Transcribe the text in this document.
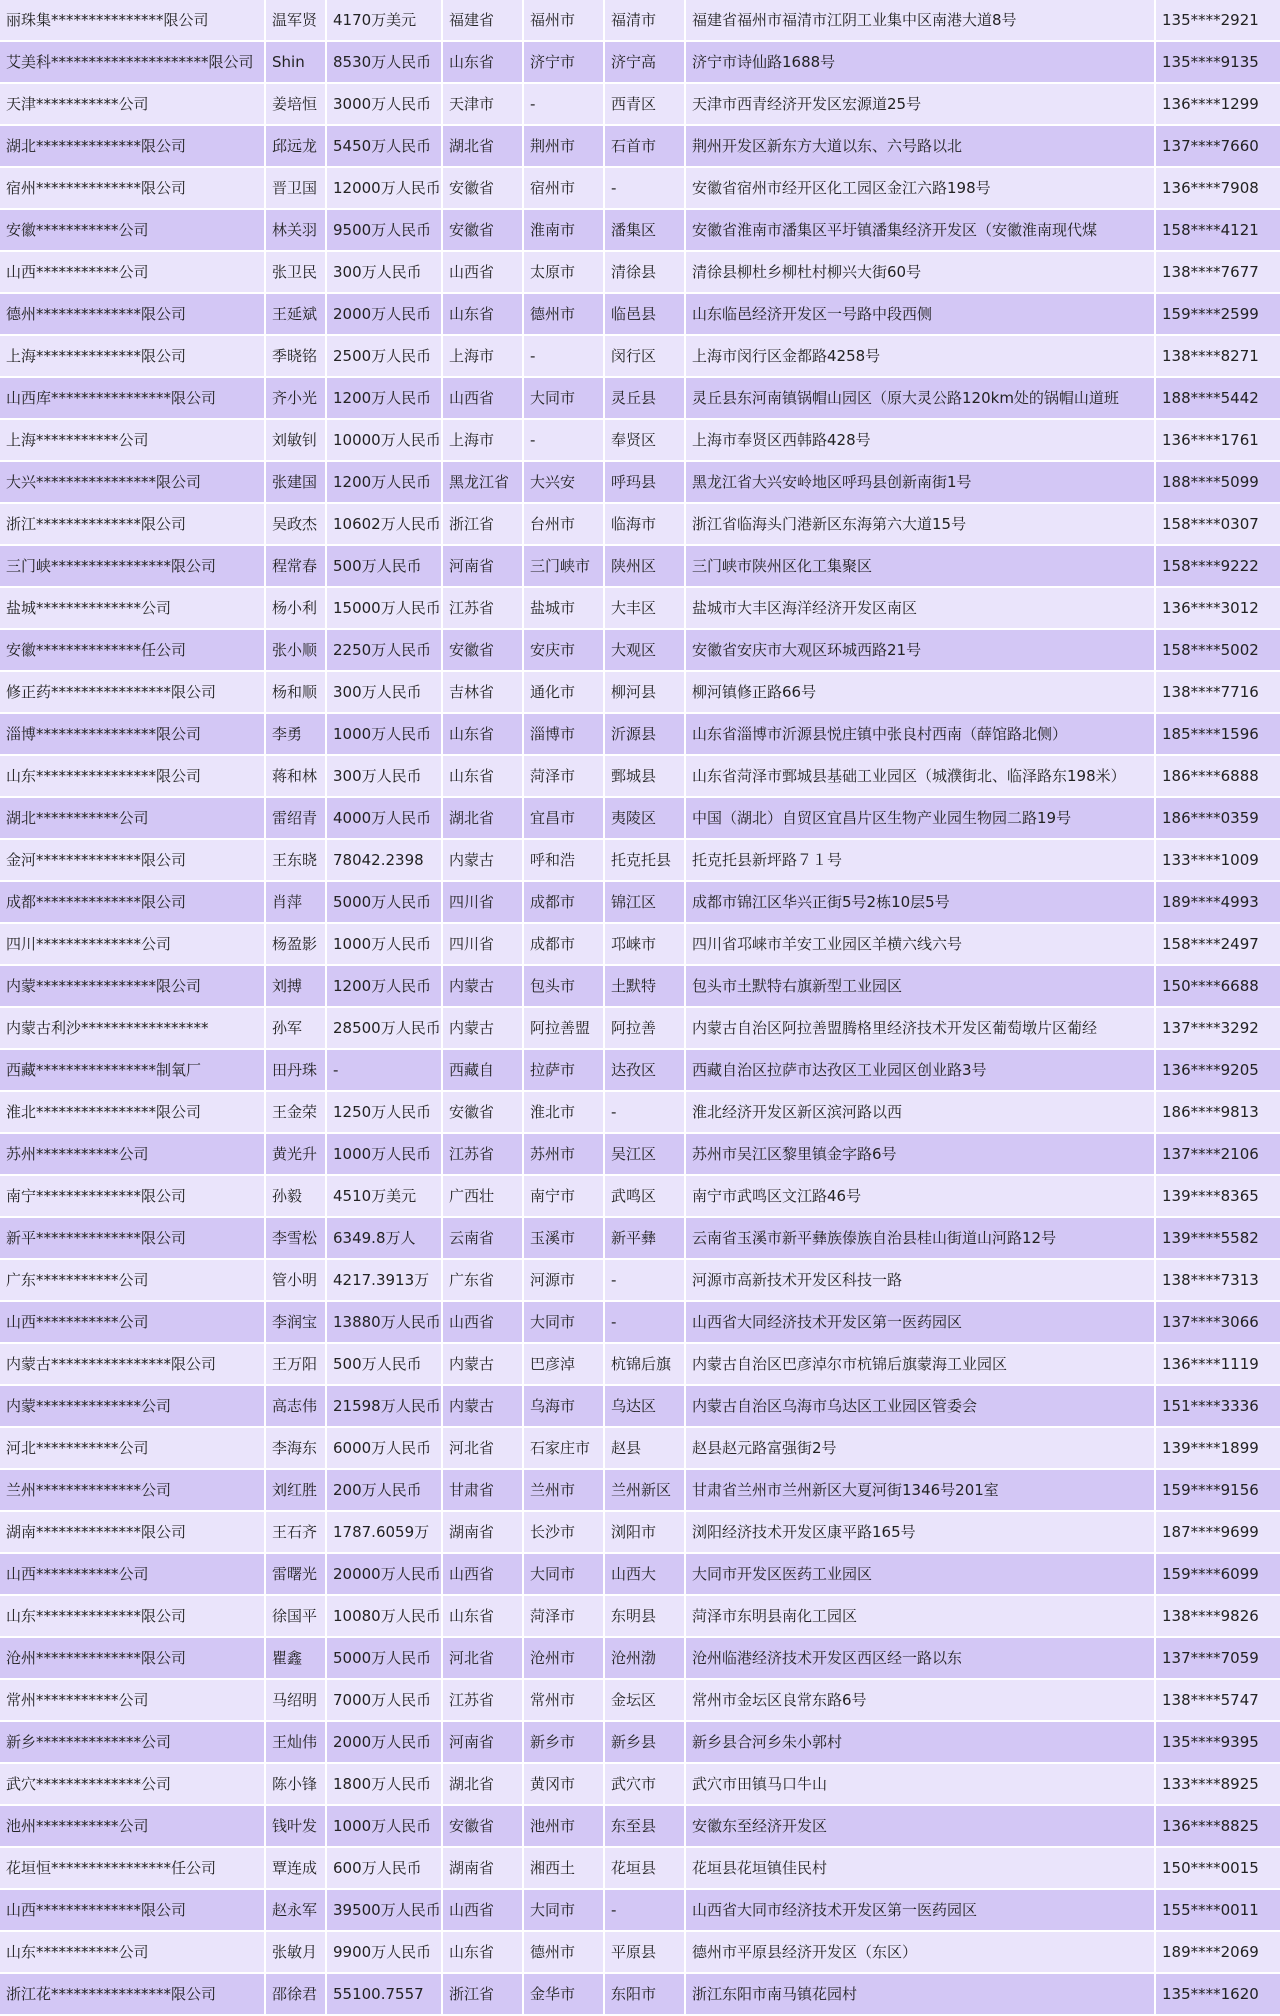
丽珠集***************限公司	温军贤	4170万美元	福建省	福州市	福清市	福建省福州市福清市江阴工业集中区南港大道8号	135****2921
艾美科*********************限公司	Shin	8530万人民币	山东省	济宁市	济宁高	济宁市诗仙路1688号	135****9135
天津***********公司	姜培恒	3000万人民币	天津市	-	西青区	天津市西青经济开发区宏源道25号	136****1299
湖北**************限公司	邱远龙	5450万人民币	湖北省	荆州市	石首市	荆州开发区新东方大道以东、六号路以北	137****7660
宿州**************限公司	晋卫国	12000万人民币	安徽省	宿州市	-	安徽省宿州市经开区化工园区金江六路198号	136****7908
安徽***********公司	林关羽	9500万人民币	安徽省	淮南市	潘集区	安徽省淮南市潘集区平圩镇潘集经济开发区（安徽淮南现代煤	158****4121
山西***********公司	张卫民	300万人民币	山西省	太原市	清徐县	清徐县柳杜乡柳杜村柳兴大街60号	138****7677
德州**************限公司	王延斌	2000万人民币	山东省	德州市	临邑县	山东临邑经济开发区一号路中段西侧	159****2599
上海**************限公司	季晓铭	2500万人民币	上海市	-	闵行区	上海市闵行区金都路4258号	138****8271
山西库****************限公司	齐小光	1200万人民币	山西省	大同市	灵丘县	灵丘县东河南镇锅帽山园区（原大灵公路120km处的锅帽山道班	188****5442
上海***********公司	刘敏钊	10000万人民币	上海市	-	奉贤区	上海市奉贤区西韩路428号	136****1761
大兴****************限公司	张建国	1200万人民币	黑龙江省	大兴安	呼玛县	黑龙江省大兴安岭地区呼玛县创新南街1号	188****5099
浙江**************限公司	吴政杰	10602万人民币	浙江省	台州市	临海市	浙江省临海头门港新区东海第六大道15号	158****0307
三门峡****************限公司	程常春	500万人民币	河南省	三门峡市	陕州区	三门峡市陕州区化工集聚区	158****9222
盐城**************公司	杨小利	15000万人民币	江苏省	盐城市	大丰区	盐城市大丰区海洋经济开发区南区	136****3012
安徽**************任公司	张小顺	2250万人民币	安徽省	安庆市	大观区	安徽省安庆市大观区环城西路21号	158****5002
修正药****************限公司	杨和顺	300万人民币	吉林省	通化市	柳河县	柳河镇修正路66号	138****7716
淄博****************限公司	李勇	1000万人民币	山东省	淄博市	沂源县	山东省淄博市沂源县悦庄镇中张良村西南（薛馆路北侧）	185****1596
山东****************限公司	蒋和林	300万人民币	山东省	菏泽市	鄄城县	山东省菏泽市鄄城县基础工业园区（城濮街北、临泽路东198米）	186****6888
湖北***********公司	雷绍青	4000万人民币	湖北省	宜昌市	夷陵区	中国（湖北）自贸区宜昌片区生物产业园生物园二路19号	186****0359
金河**************限公司	王东晓	78042.2398	内蒙古	呼和浩	托克托县	托克托县新坪路７１号	133****1009
成都**************限公司	肖萍	5000万人民币	四川省	成都市	锦江区	成都市锦江区华兴正街5号2栋10层5号	189****4993
四川**************公司	杨盈影	1000万人民币	四川省	成都市	邛崃市	四川省邛崃市羊安工业园区羊横六线六号	158****2497
内蒙****************限公司	刘搏	1200万人民币	内蒙古	包头市	土默特	包头市土默特右旗新型工业园区	150****6688
内蒙古利沙*****************	孙军	28500万人民币	内蒙古	阿拉善盟	阿拉善	内蒙古自治区阿拉善盟腾格里经济技术开发区葡萄墩片区葡经	137****3292
西藏****************制氧厂	田丹珠	-	西藏自	拉萨市	达孜区	西藏自治区拉萨市达孜区工业园区创业路3号	136****9205
淮北****************限公司	王金荣	1250万人民币	安徽省	淮北市	-	淮北经济开发区新区滨河路以西	186****9813
苏州***********公司	黄光升	1000万人民币	江苏省	苏州市	吴江区	苏州市吴江区黎里镇金字路6号	137****2106
南宁**************限公司	孙毅	4510万美元	广西壮	南宁市	武鸣区	南宁市武鸣区文江路46号	139****8365
新平**************限公司	李雪松	6349.8万人	云南省	玉溪市	新平彝	云南省玉溪市新平彝族傣族自治县桂山街道山河路12号	139****5582
广东***********公司	管小明	4217.3913万	广东省	河源市	-	河源市高新技术开发区科技一路	138****7313
山西***********公司	李润宝	13880万人民币	山西省	大同市	-	山西省大同经济技术开发区第一医药园区	137****3066
内蒙古****************限公司	王万阳	500万人民币	内蒙古	巴彦淖	杭锦后旗	内蒙古自治区巴彦淖尔市杭锦后旗蒙海工业园区	136****1119
内蒙**************公司	高志伟	21598万人民币	内蒙古	乌海市	乌达区	内蒙古自治区乌海市乌达区工业园区管委会	151****3336
河北***********公司	李海东	6000万人民币	河北省	石家庄市	赵县	赵县赵元路富强街2号	139****1899
兰州**************公司	刘红胜	200万人民币	甘肃省	兰州市	兰州新区	甘肃省兰州市兰州新区大夏河街1346号201室	159****9156
湖南**************限公司	王石齐	1787.6059万	湖南省	长沙市	浏阳市	浏阳经济技术开发区康平路165号	187****9699
山西***********公司	雷曙光	20000万人民币	山西省	大同市	山西大	大同市开发区医药工业园区	159****6099
山东**************限公司	徐国平	10080万人民币	山东省	菏泽市	东明县	菏泽市东明县南化工园区	138****9826
沧州**************限公司	瞿鑫	5000万人民币	河北省	沧州市	沧州渤	沧州临港经济技术开发区西区经一路以东	137****7059
常州***********公司	马绍明	7000万人民币	江苏省	常州市	金坛区	常州市金坛区良常东路6号	138****5747
新乡**************公司	王灿伟	2000万人民币	河南省	新乡市	新乡县	新乡县合河乡朱小郭村	135****9395
武穴**************公司	陈小锋	1800万人民币	湖北省	黄冈市	武穴市	武穴市田镇马口牛山	133****8925
池州***********公司	钱叶发	1000万人民币	安徽省	池州市	东至县	安徽东至经济开发区	136****8825
花垣恒****************任公司	覃连成	600万人民币	湖南省	湘西土	花垣县	花垣县花垣镇佳民村	150****0015
山西**************限公司	赵永军	39500万人民币	山西省	大同市	-	山西省大同市经济技术开发区第一医药园区	155****0011
山东***********公司	张敏月	9900万人民币	山东省	德州市	平原县	德州市平原县经济开发区（东区）	189****2069
浙江花****************限公司	邵徐君	55100.7557	浙江省	金华市	东阳市	浙江东阳市南马镇花园村	135****1620
